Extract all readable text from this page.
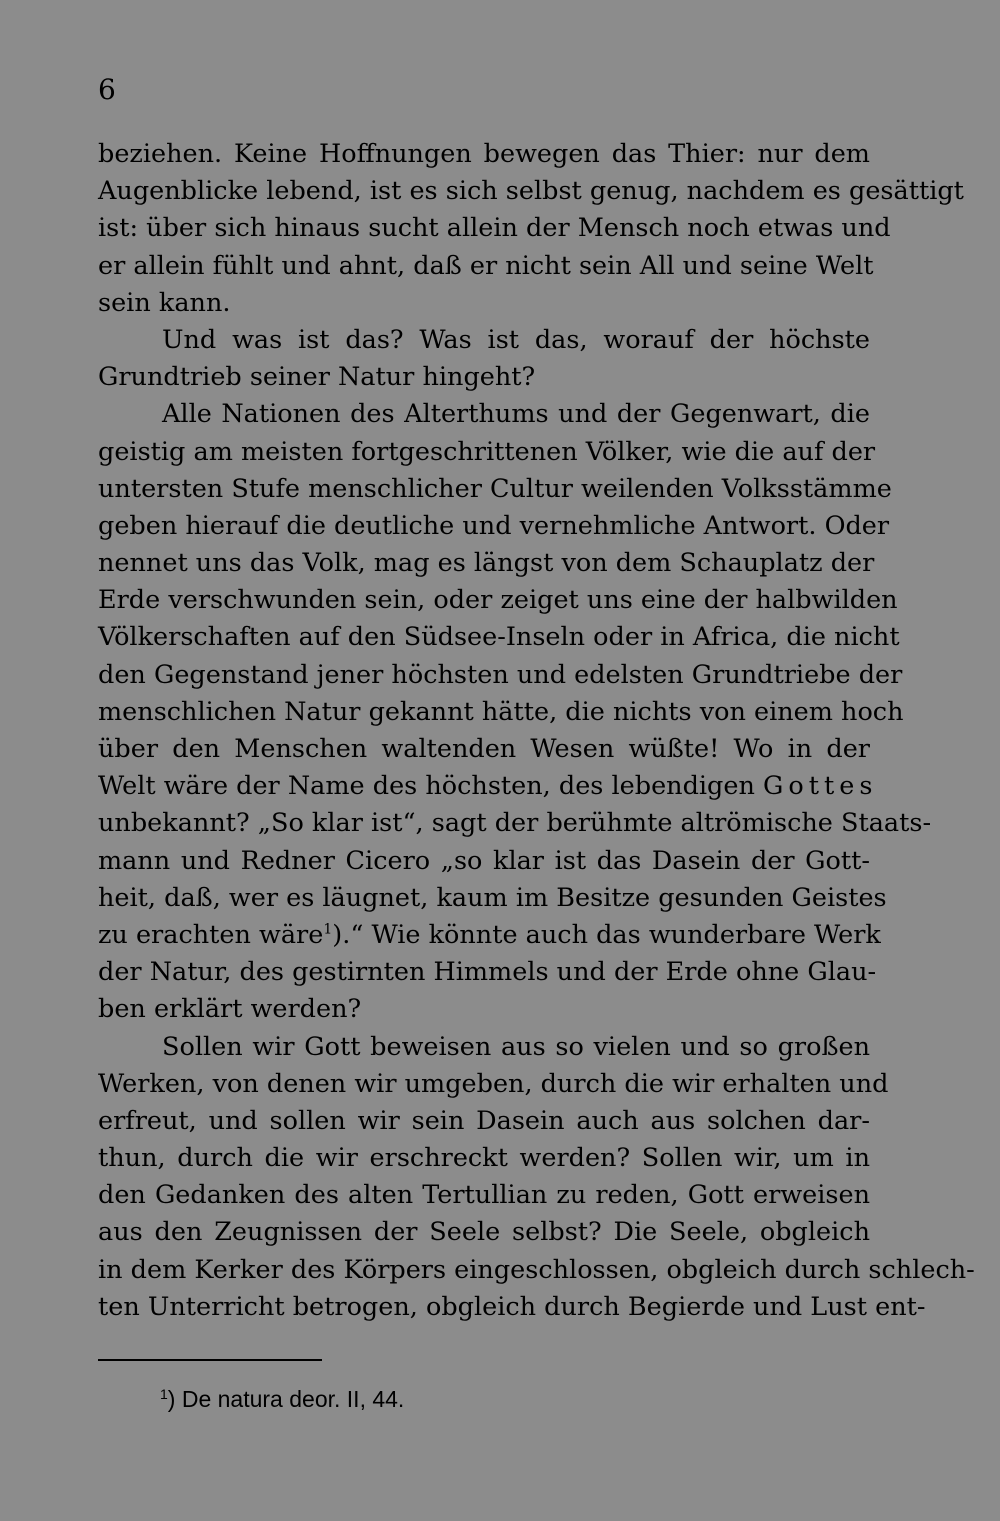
6

beziehen. Keine Hoffnungen bewegen das Thier: nur dem
Augenblicke lebend, ist es sich selbst genug, nachdem es gesättigt
ist: über sich hinaus sucht allein der Mensch noch etwas und
er allein fühlt und ahnt, daß er nicht sein All und seine Welt
sein kann.
Und was ist das? Was ist das, worauf der höchste
Grundtrieb seiner Natur hingeht?
Alle Nationen des Alterthums und der Gegenwart, die
geistig am meisten fortgeschrittenen Völker, wie die auf der
untersten Stufe menschlicher Cultur weilenden Volksstämme
geben hierauf die deutliche und vernehmliche Antwort. Oder
nennet uns das Volk, mag es längst von dem Schauplatz der
Erde verschwunden sein, oder zeiget uns eine der halbwilden
Völkerschaften auf den Südsee-Inseln oder in Africa, die nicht
den Gegenstand jener höchsten und edelsten Grundtriebe der
menschlichen Natur gekannt hätte, die nichts von einem hoch
über den Menschen waltenden Wesen wüßte! Wo in der
Welt wäre der Name des höchsten, des lebendigen Gottes
unbekannt? „So klar ist“, sagt der berühmte altrömische Staats-
mann und Redner Cicero „so klar ist das Dasein der Gott-
heit, daß, wer es läugnet, kaum im Besitze gesunden Geistes
zu erachten wäre$^1$).“ Wie könnte auch das wunderbare Werk
der Natur, des gestirnten Himmels und der Erde ohne Glau-
ben erklärt werden?
Sollen wir Gott beweisen aus so vielen und so großen
Werken, von denen wir umgeben, durch die wir erhalten und
erfreut, und sollen wir sein Dasein auch aus solchen dar-
thun, durch die wir erschreckt werden? Sollen wir, um in
den Gedanken des alten Tertullian zu reden, Gott erweisen
aus den Zeugnissen der Seele selbst? Die Seele, obgleich
in dem Kerker des Körpers eingeschlossen, obgleich durch schlech-
ten Unterricht betrogen, obgleich durch Begierde und Lust ent-

$^1$) De natura deor. II, 44.
